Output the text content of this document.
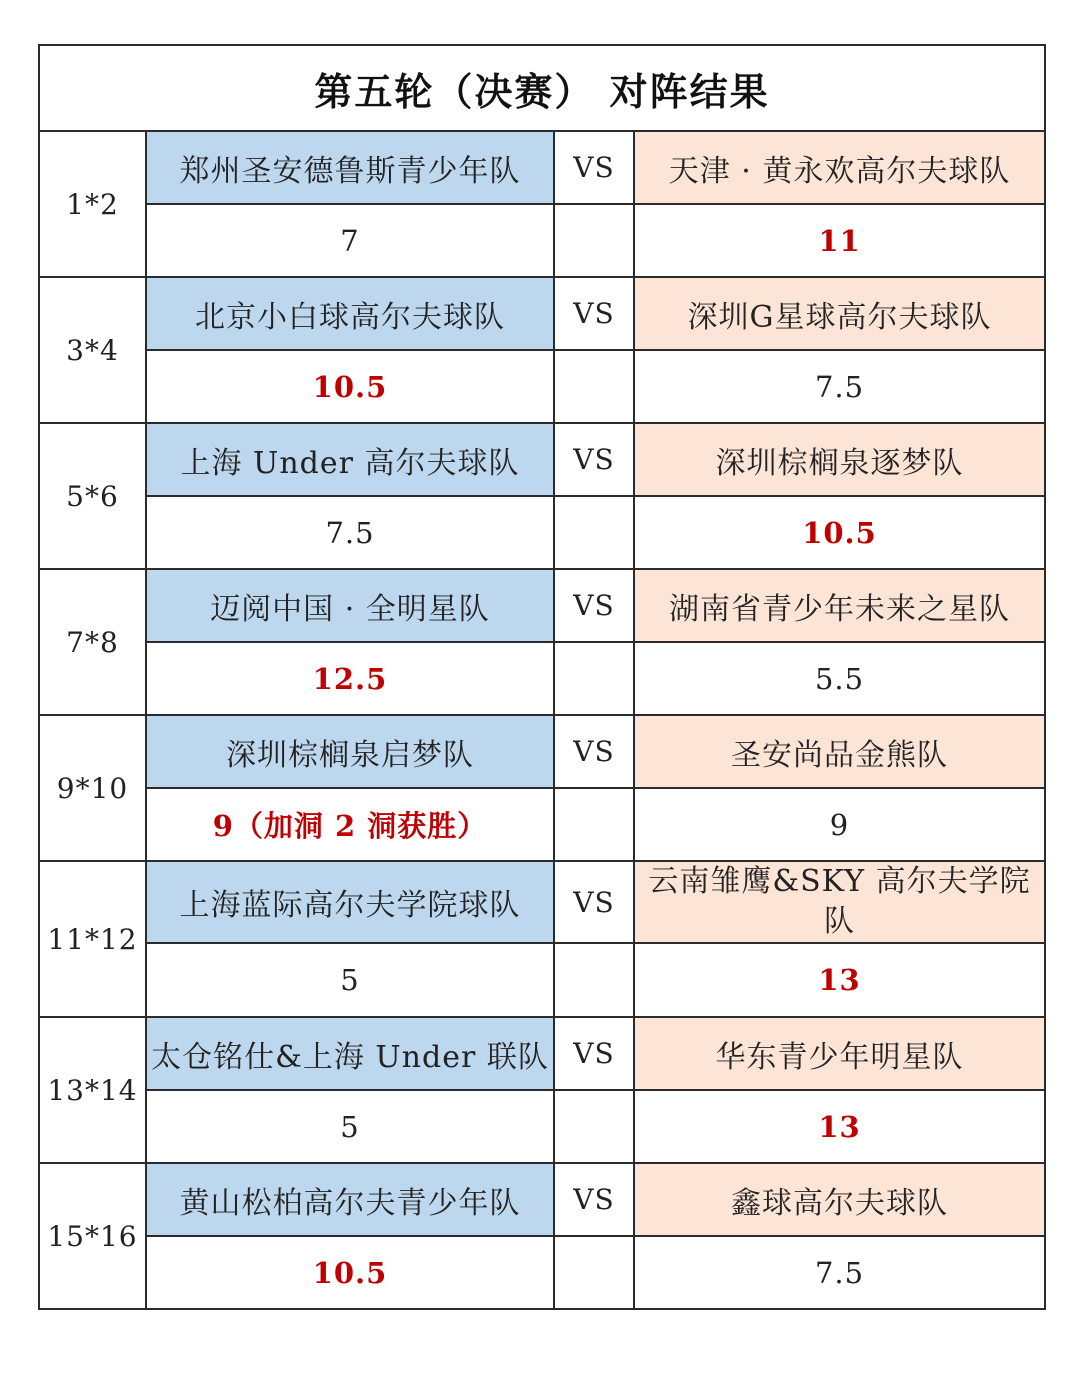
第五轮（决赛） 对阵结果			
1*2	郑州圣安德鲁斯青少年队	VS	天津 · 黄永欢高尔夫球队
	7		11
3*4	北京小白球高尔夫球队	VS	深圳G星球高尔夫球队
	10.5		7.5
5*6	上海 Under 高尔夫球队	VS	深圳棕榈泉逐梦队
	7.5		10.5
7*8	迈阅中国 · 全明星队	VS	湖南省青少年未来之星队
	12.5		5.5
9*10	深圳棕榈泉启梦队	VS	圣安尚品金熊队
	9（加洞 2 洞获胜）		9
11*12	上海蓝际高尔夫学院球队	VS	云南雏鹰&SKY 高尔夫学院队
	5		13
13*14	太仓铭仕&上海 Under 联队	VS	华东青少年明星队
	5		13
15*16	黄山松柏高尔夫青少年队	VS	鑫球高尔夫球队
	10.5		7.5
